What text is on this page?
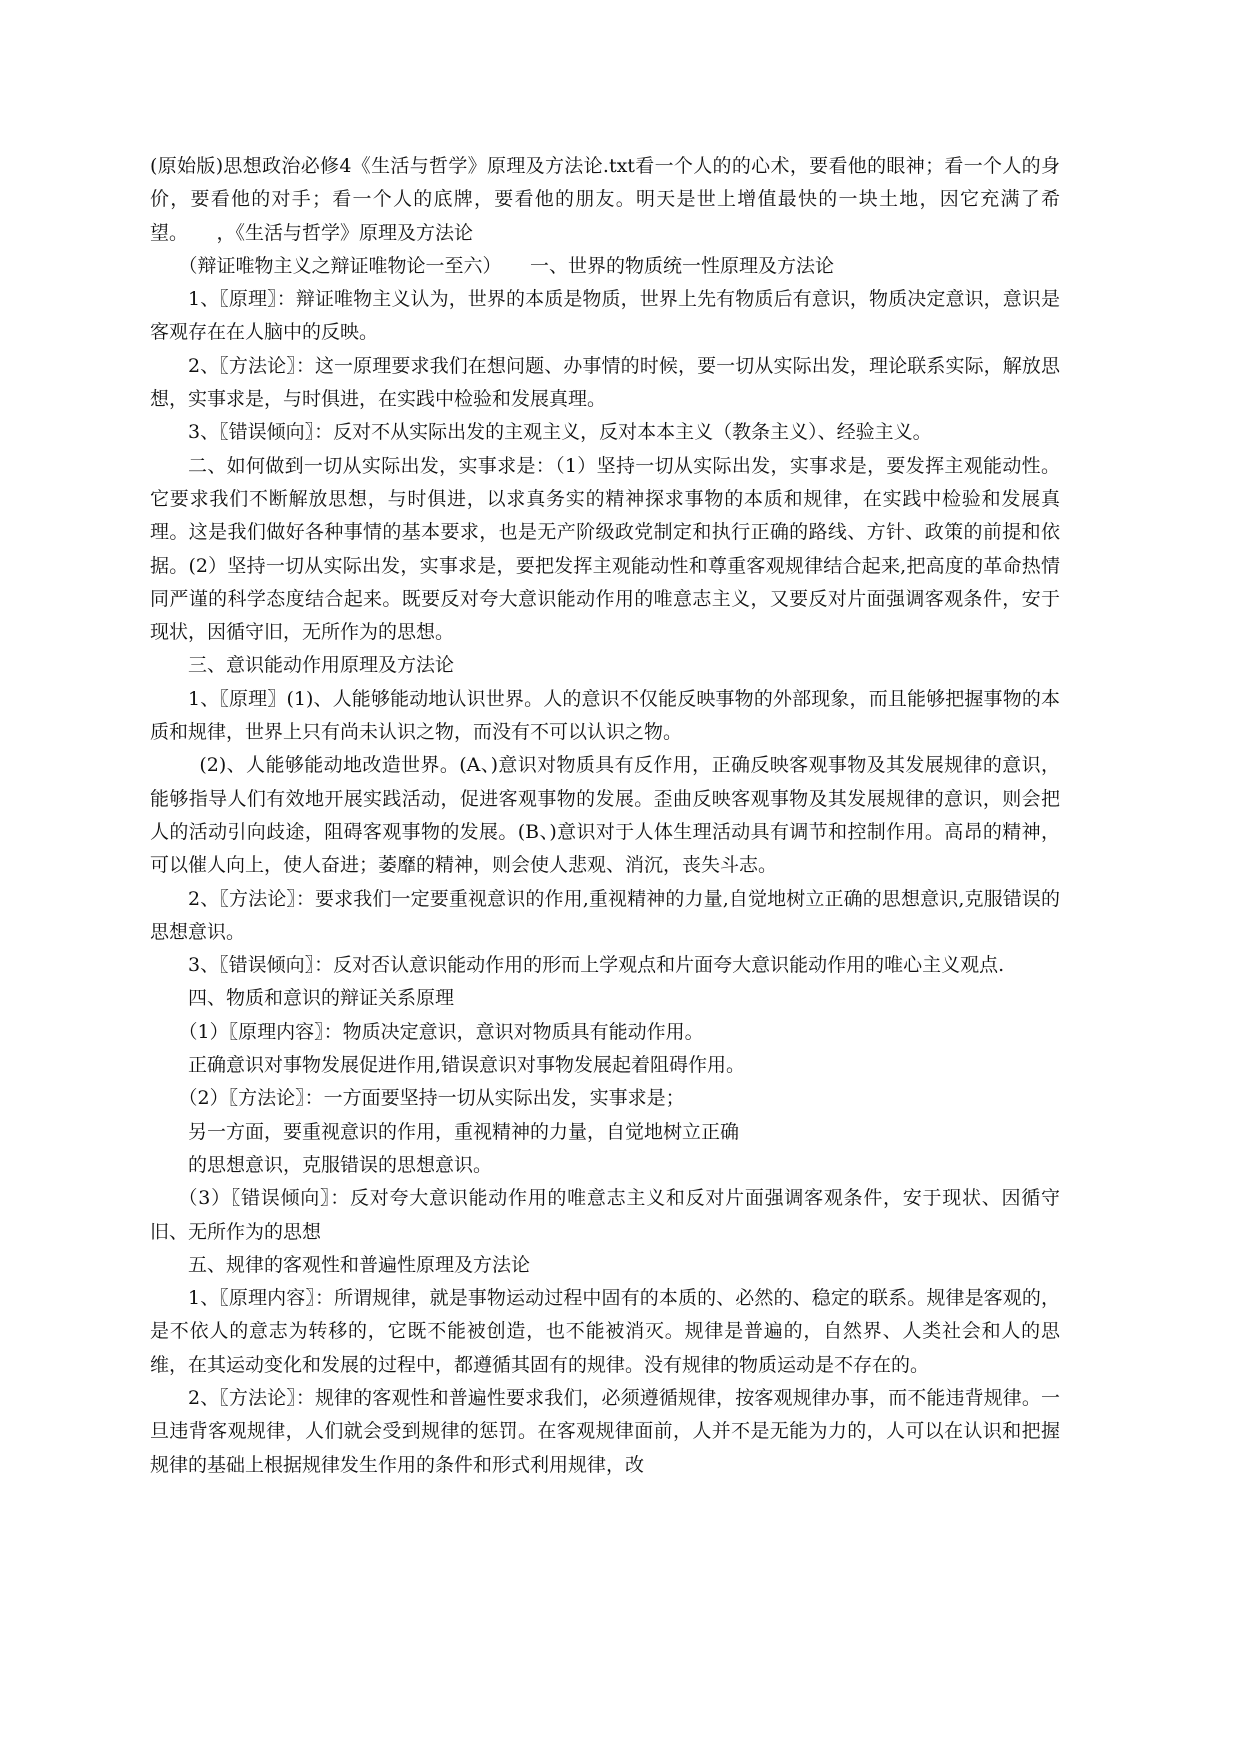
(原始版)思想政治必修4《生活与哲学》原理及方法论.txt看一个人的的心术，要看他的眼神；看一个人的身价，要看他的对手；看一个人的底牌，要看他的朋友。明天是世上增值最快的一块土地，因它充满了希望。　　，《生活与哲学》原理及方法论

（辩证唯物主义之辩证唯物论一至六）　　一、世界的物质统一性原理及方法论

1、〖原理〗：辩证唯物主义认为，世界的本质是物质，世界上先有物质后有意识，物质决定意识，意识是客观存在在人脑中的反映。

2、〖方法论〗：这一原理要求我们在想问题、办事情的时候，要一切从实际出发，理论联系实际，解放思想，实事求是，与时俱进，在实践中检验和发展真理。

3、〖错误倾向〗：反对不从实际出发的主观主义，反对本本主义（教条主义）、经验主义。

二、如何做到一切从实际出发，实事求是：（1）坚持一切从实际出发，实事求是，要发挥主观能动性。它要求我们不断解放思想，与时俱进，以求真务实的精神探求事物的本质和规律，在实践中检验和发展真理。这是我们做好各种事情的基本要求，也是无产阶级政党制定和执行正确的路线、方针、政策的前提和依据。(2）坚持一切从实际出发，实事求是，要把发挥主观能动性和尊重客观规律结合起来,把高度的革命热情同严谨的科学态度结合起来。既要反对夸大意识能动作用的唯意志主义，又要反对片面强调客观条件，安于现状，因循守旧，无所作为的思想。

三、意识能动作用原理及方法论

1、〖原理〗(1)、人能够能动地认识世界。人的意识不仅能反映事物的外部现象，而且能够把握事物的本质和规律，世界上只有尚未认识之物，而没有不可以认识之物。

(2)、人能够能动地改造世界。(A、)意识对物质具有反作用，正确反映客观事物及其发展规律的意识，能够指导人们有效地开展实践活动，促进客观事物的发展。歪曲反映客观事物及其发展规律的意识，则会把人的活动引向歧途，阻碍客观事物的发展。(B、)意识对于人体生理活动具有调节和控制作用。高昂的精神，可以催人向上，使人奋进；萎靡的精神，则会使人悲观、消沉，丧失斗志。

2、〖方法论〗：要求我们一定要重视意识的作用,重视精神的力量,自觉地树立正确的思想意识,克服错误的思想意识。

3、〖错误倾向〗：反对否认意识能动作用的形而上学观点和片面夸大意识能动作用的唯心主义观点.

四、物质和意识的辩证关系原理

（1）〖原理内容〗：物质决定意识，意识对物质具有能动作用。

正确意识对事物发展促进作用,错误意识对事物发展起着阻碍作用。

（2）〖方法论〗：一方面要坚持一切从实际出发，实事求是；

另一方面，要重视意识的作用，重视精神的力量，自觉地树立正确

的思想意识，克服错误的思想意识。

（3）〖错误倾向〗：反对夸大意识能动作用的唯意志主义和反对片面强调客观条件，安于现状、因循守旧、无所作为的思想

五、规律的客观性和普遍性原理及方法论

1、〖原理内容〗：所谓规律，就是事物运动过程中固有的本质的、必然的、稳定的联系。规律是客观的，是不依人的意志为转移的，它既不能被创造，也不能被消灭。规律是普遍的，自然界、人类社会和人的思维，在其运动变化和发展的过程中，都遵循其固有的规律。没有规律的物质运动是不存在的。

2、〖方法论〗：规律的客观性和普遍性要求我们，必须遵循规律，按客观规律办事，而不能违背规律。一旦违背客观规律，人们就会受到规律的惩罚。在客观规律面前，人并不是无能为力的，人可以在认识和把握规律的基础上根据规律发生作用的条件和形式利用规律，改
